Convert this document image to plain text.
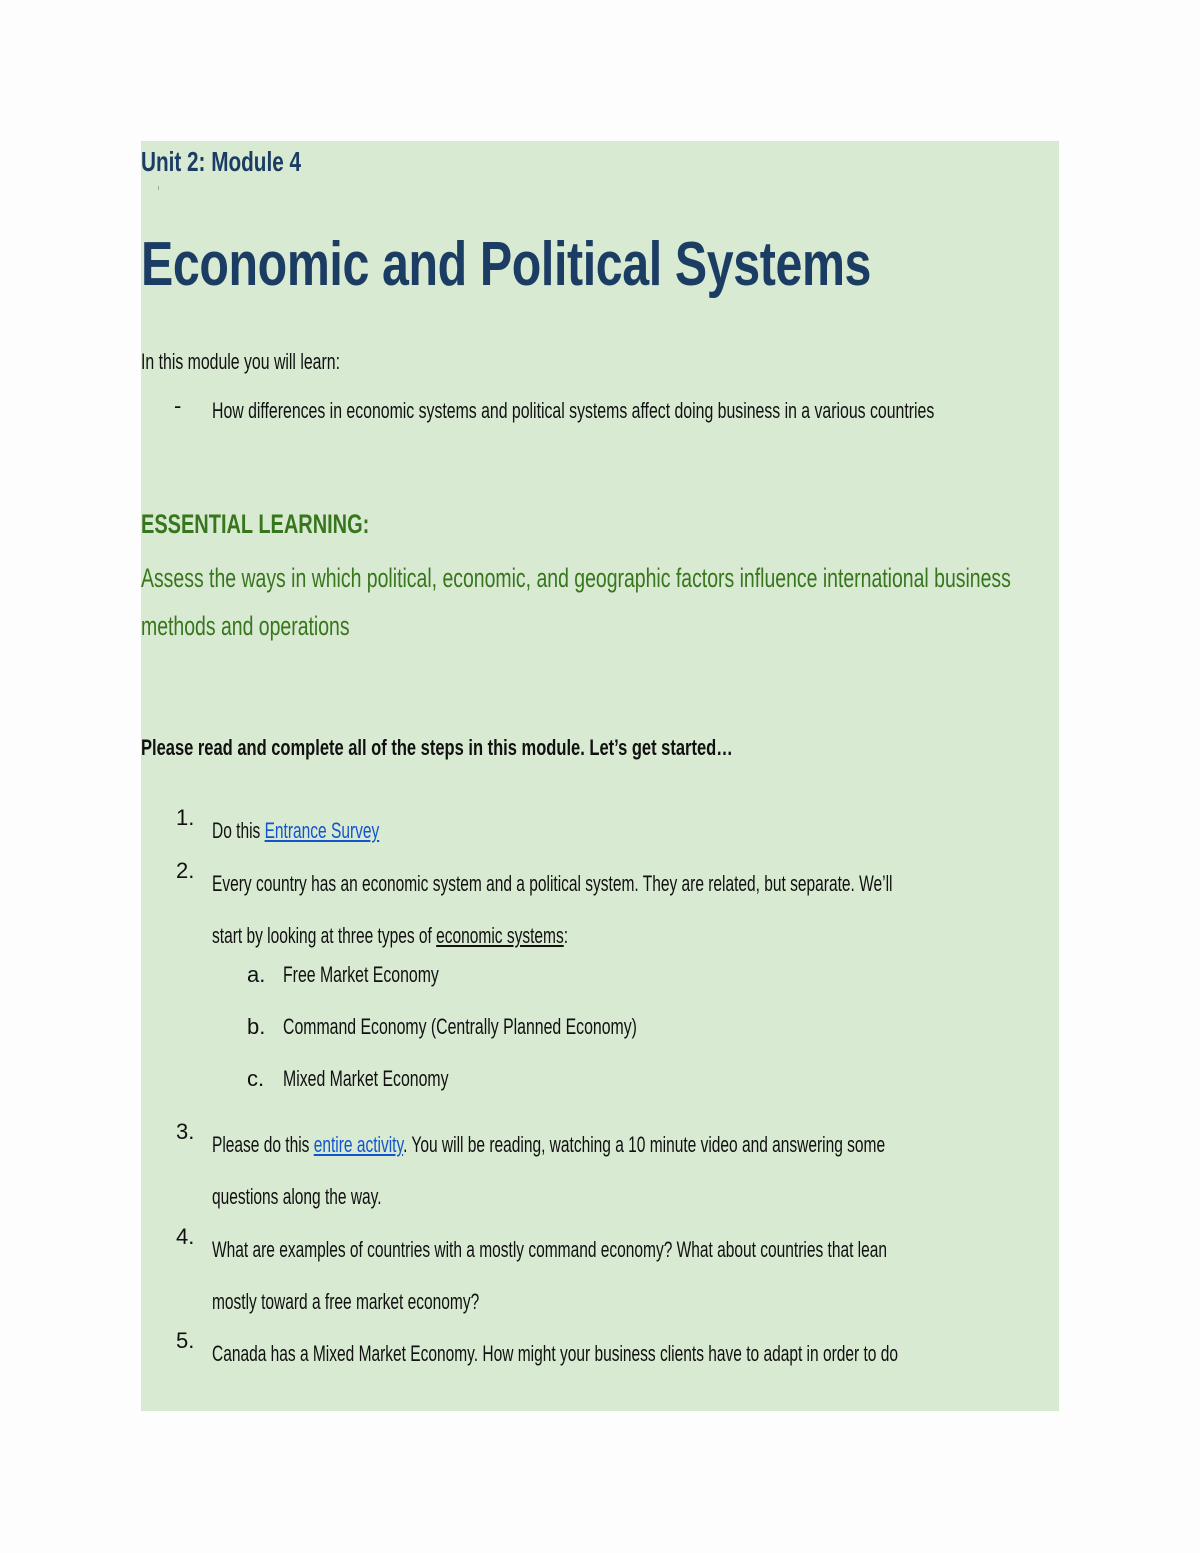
Unit 2: Module 4
Economic and Political Systems
In this module you will learn:
- How differences in economic systems and political systems affect doing business in a various countries
ESSENTIAL LEARNING:
Assess the ways in which political, economic, and geographic factors influence international business methods and operations
Please read and complete all of the steps in this module. Let’s get started…
1.
Do this Entrance Survey
2.
Every country has an economic system and a political system. They are related, but separate. We’ll
start by looking at three types of economic systems:
a. Free Market Economy
b. Command Economy (Centrally Planned Economy)
c. Mixed Market Economy
3.
Please do this entire activity. You will be reading, watching a 10 minute video and answering some
questions along the way.
4.
What are examples of countries with a mostly command economy? What about countries that lean
mostly toward a free market economy?
5.
Canada has a Mixed Market Economy. How might your business clients have to adapt in order to do
